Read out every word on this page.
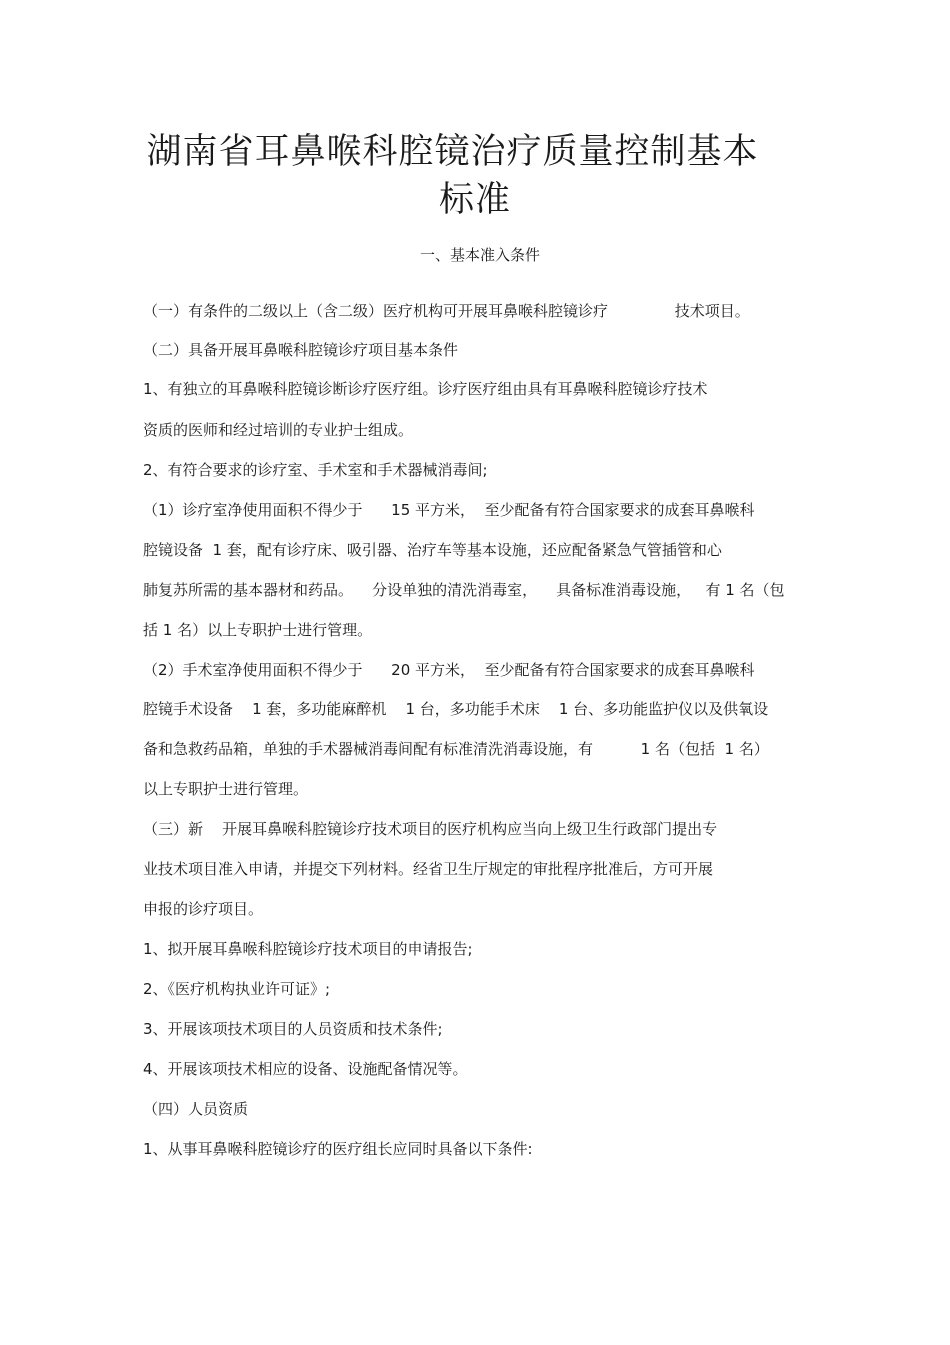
湖南省耳鼻喉科腔镜治疗质量控制基本
标准
一、基本准入条件
（一）有条件的二级以上（含二级）医疗机构可开展耳鼻喉科腔镜诊疗              技术项目。
（二）具备开展耳鼻喉科腔镜诊疗项目基本条件
1、有独立的耳鼻喉科腔镜诊断诊疗医疗组。诊疗医疗组由具有耳鼻喉科腔镜诊疗技术
资质的医师和经过培训的专业护士组成。
2、有符合要求的诊疗室、手术室和手术器械消毒间;
（1）诊疗室净使用面积不得少于      15 平方米，  至少配备有符合国家要求的成套耳鼻喉科
腔镜设备  1 套，配有诊疗床、吸引器、治疗车等基本设施，还应配备紧急气管插管和心
肺复苏所需的基本器材和药品。    分设单独的清洗消毒室，    具备标准消毒设施，   有 1 名（包
括 1 名）以上专职护士进行管理。
（2）手术室净使用面积不得少于      20 平方米，  至少配备有符合国家要求的成套耳鼻喉科
腔镜手术设备    1 套，多功能麻醉机    1 台，多功能手术床    1 台、多功能监护仪以及供氧设
备和急救药品箱，单独的手术器械消毒间配有标准清洗消毒设施，有          1 名（包括  1 名）
以上专职护士进行管理。
（三）新    开展耳鼻喉科腔镜诊疗技术项目的医疗机构应当向上级卫生行政部门提出专
业技术项目准入申请，并提交下列材料。经省卫生厅规定的审批程序批准后，方可开展
申报的诊疗项目。
1、拟开展耳鼻喉科腔镜诊疗技术项目的申请报告;
2、《医疗机构执业许可证》;
3、开展该项技术项目的人员资质和技术条件;
4、开展该项技术相应的设备、设施配备情况等。
（四）人员资质
1、从事耳鼻喉科腔镜诊疗的医疗组长应同时具备以下条件:
